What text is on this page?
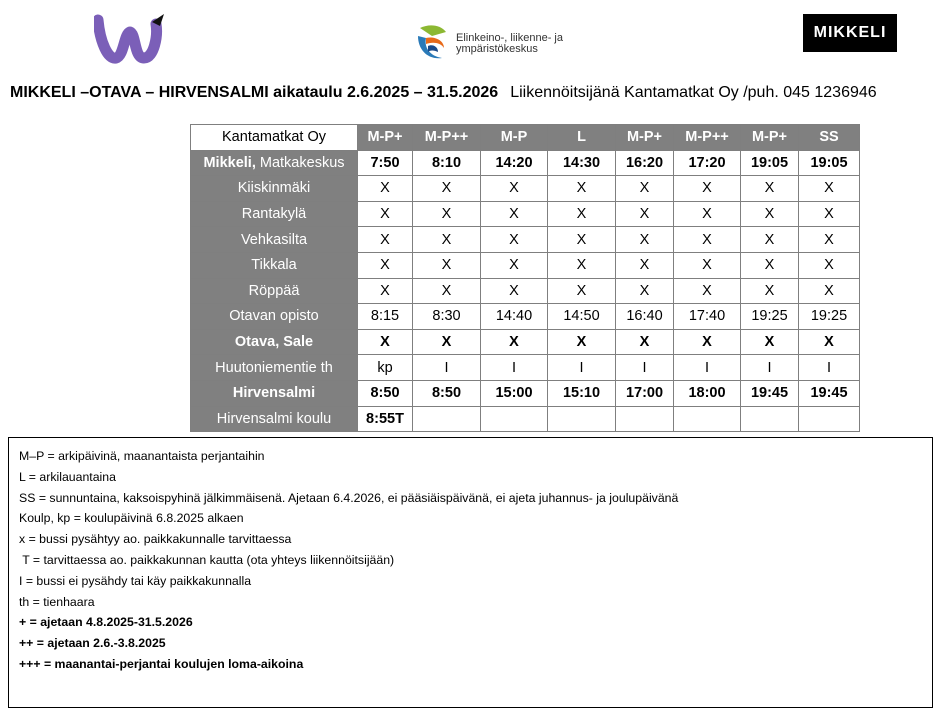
Elinkeino-, liikenne- ja
ympäristökeskus
MIKKELI
MIKKELI –OTAVA – HIRVENSALMI aikataulu 2.6.2025 – 31.5.2026 Liikennöitsijänä Kantamatkat Oy /puh. 045 1236946
Kantamatkat Oy	M-P+	M-P++	M-P	L	M-P+	M-P++	M-P+	SS
Mikkeli, Matkakeskus	7:50	8:10	14:20	14:30	16:20	17:20	19:05	19:05
Kiiskinmäki	X	X	X	X	X	X	X	X
Rantakylä	X	X	X	X	X	X	X	X
Vehkasilta	X	X	X	X	X	X	X	X
Tikkala	X	X	X	X	X	X	X	X
Röppää	X	X	X	X	X	X	X	X
Otavan opisto	8:15	8:30	14:40	14:50	16:40	17:40	19:25	19:25
Otava, Sale	X	X	X	X	X	X	X	X
Huutoniementie th	kp	I	I	I	I	I	I	I
Hirvensalmi	8:50	8:50	15:00	15:10	17:00	18:00	19:45	19:45
Hirvensalmi koulu	8:55T							
M–P = arkipäivinä, maanantaista perjantaihin
L = arkilauantaina
SS = sunnuntaina, kaksoispyhinä jälkimmäisenä. Ajetaan 6.4.2026, ei pääsiäispäivänä, ei ajeta juhannus- ja joulupäivänä
Koulp, kp = koulupäivinä 6.8.2025 alkaen
x = bussi pysähtyy ao. paikkakunnalle tarvittaessa
T = tarvittaessa ao. paikkakunnan kautta (ota yhteys liikennöitsijään)
I = bussi ei pysähdy tai käy paikkakunnalla
th = tienhaara
+ = ajetaan 4.8.2025-31.5.2026
++ = ajetaan 2.6.-3.8.2025
+++ = maanantai-perjantai koulujen loma-aikoina
